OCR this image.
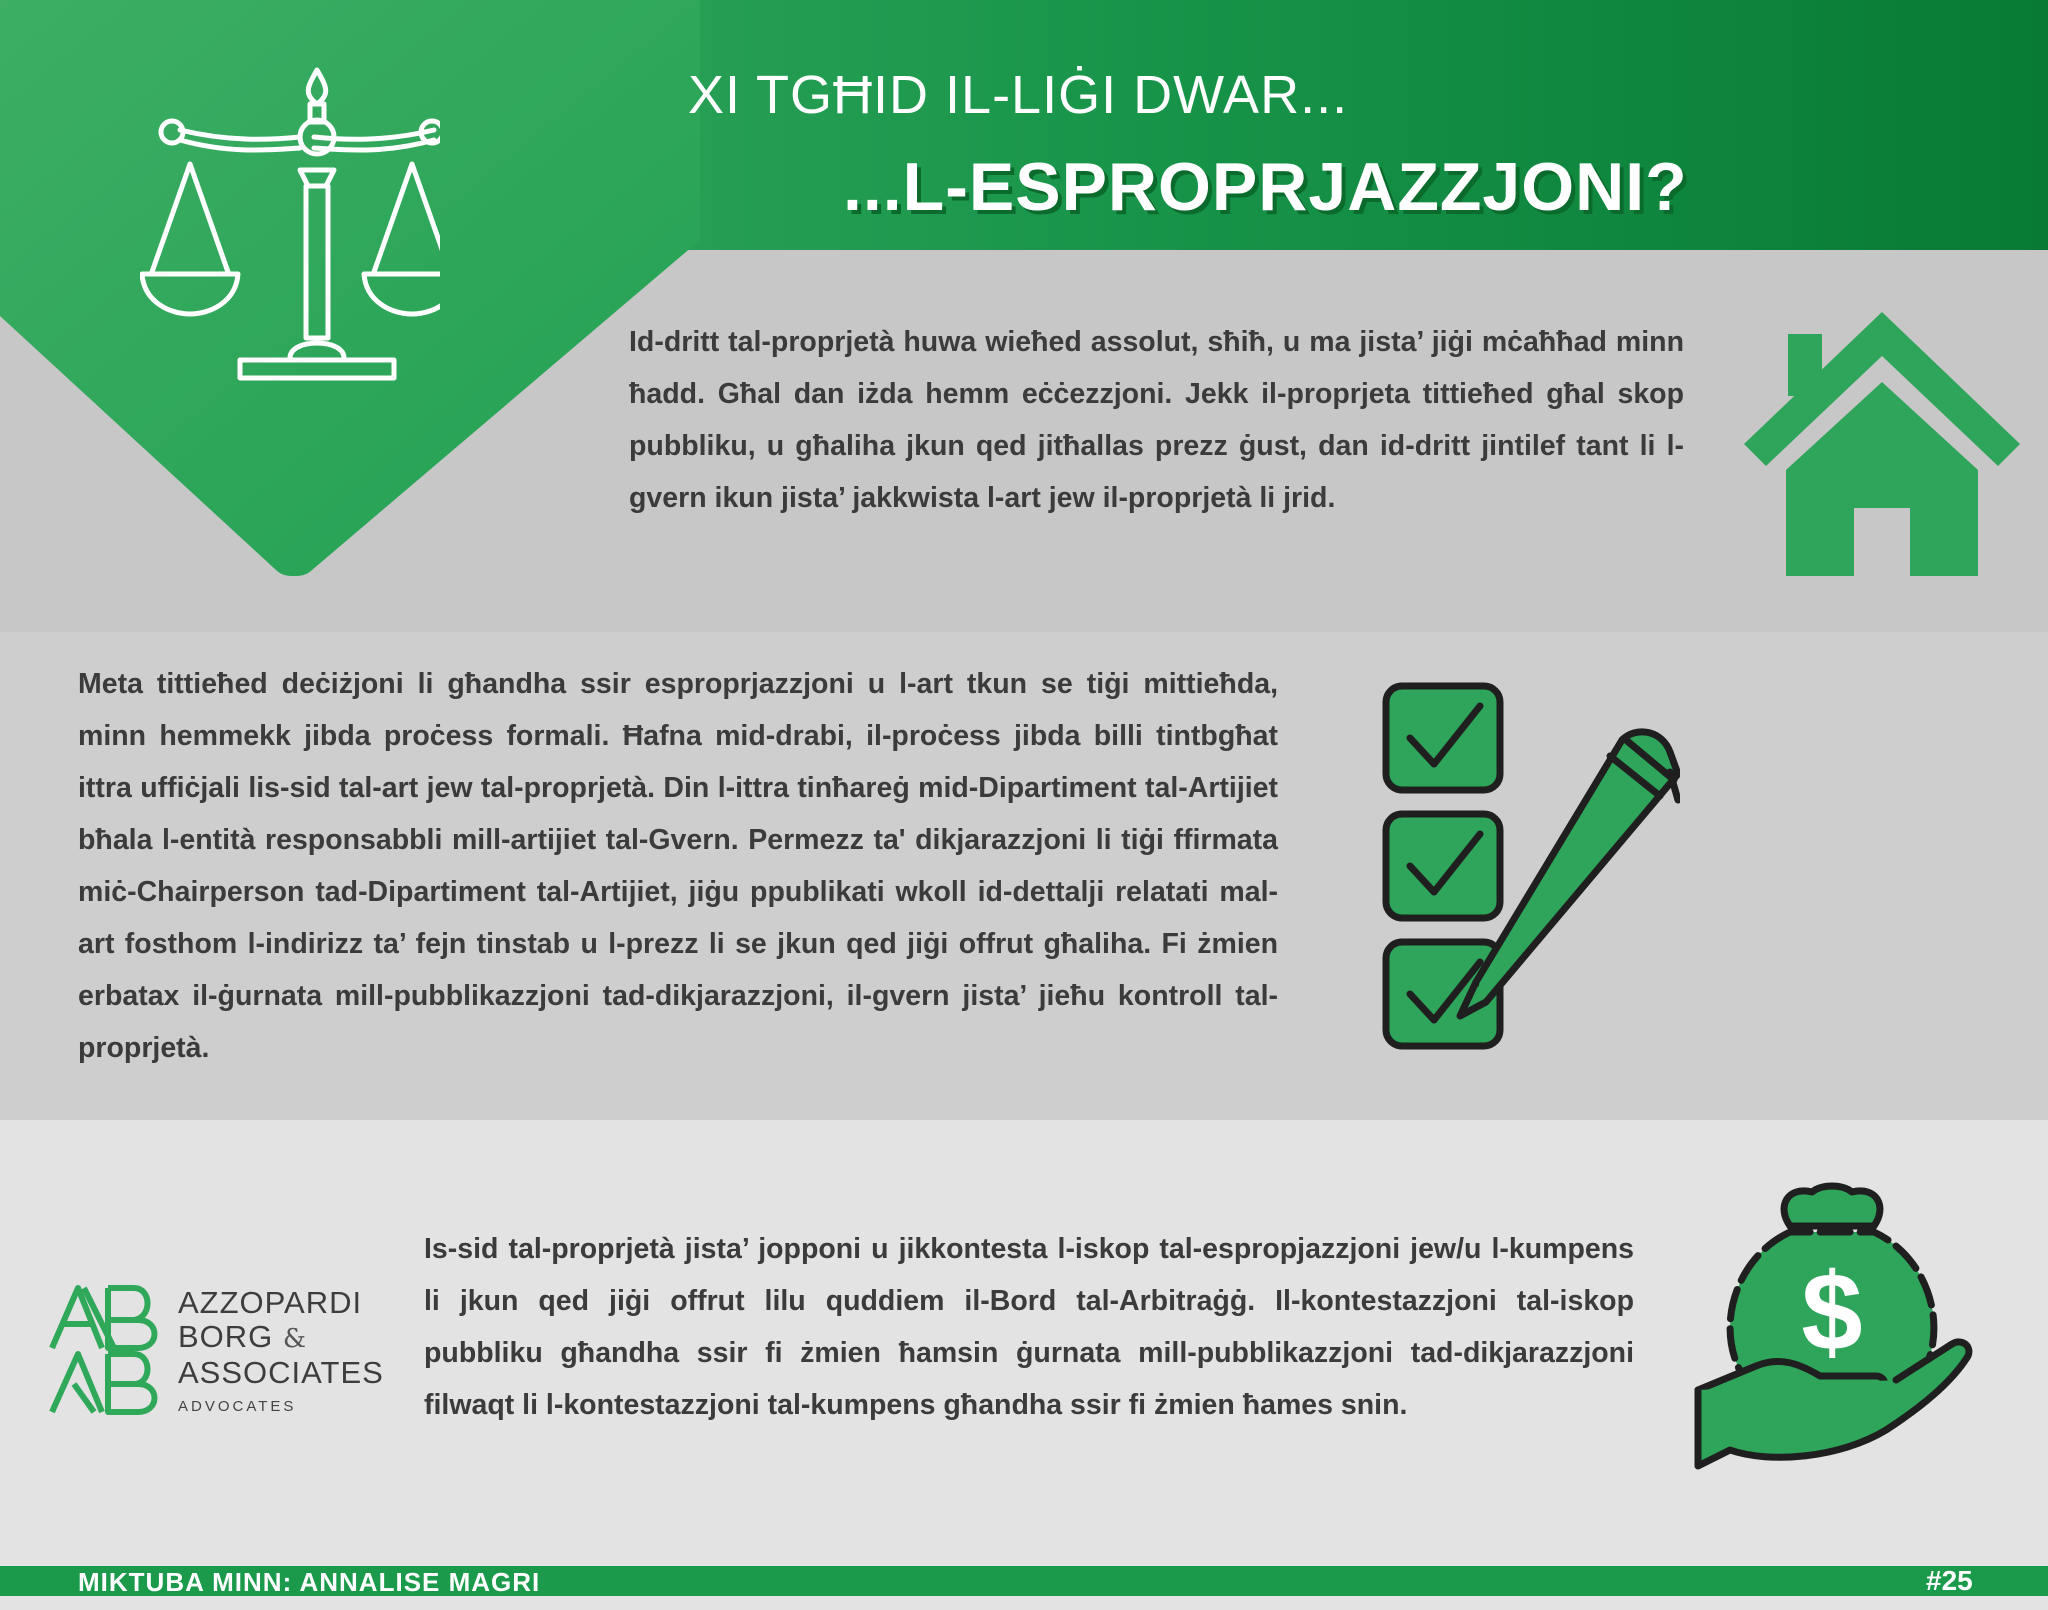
XI TGĦID IL-LIĠI DWAR...
...L-ESPROPRJAZZJONI?
Id-dritt tal-proprjetà huwa wieħed assolut, sħiħ, u ma jista’ jiġi mċaħħad minn ħadd. Għal dan iżda hemm eċċezzjoni. Jekk il-proprjeta tittieħed għal skop pubbliku, u għaliha jkun qed jitħallas prezz ġust, dan id-dritt jintilef tant li l-gvern ikun jista’ jakkwista l-art jew il-proprjetà li jrid.
Meta tittieħed deċiżjoni li għandha ssir esproprjazzjoni u l-art tkun se tiġi mittieħda, minn hemmekk jibda proċess formali. Ħafna mid-drabi, il-proċess jibda billi tintbgħat ittra uffiċjali lis-sid tal-art jew tal-proprjetà. Din l-ittra tinħareġ mid-Dipartiment tal-Artijiet bħala l-entità responsabbli mill-artijiet tal-Gvern. Permezz ta' dikjarazzjoni li tiġi ffirmata miċ-Chairperson tad-Dipartiment tal-Artijiet, jiġu ppublikati wkoll id-dettalji relatati mal-art fosthom l-indirizz ta’ fejn tinstab u l-prezz li se jkun qed jiġi offrut għaliha. Fi żmien erbatax il-ġurnata mill-pubblikazzjoni tad-dikjarazzjoni, il-gvern jista’ jieħu kontroll tal-proprjetà.
AZZOPARDI
BORG &
ASSOCIATES
ADVOCATES
Is-sid tal-proprjetà jista’ jopponi u jikkontesta l-iskop tal-espropjazzjoni jew/u l-kumpens li jkun qed jiġi offrut lilu quddiem il-Bord tal-Arbitraġġ. Il-kontestazzjoni tal-iskop pubbliku għandha ssir fi żmien ħamsin ġurnata mill-pubblikazzjoni tad-dikjarazzjoni filwaqt li l-kontestazzjoni tal-kumpens għandha ssir fi żmien ħames snin.
$
MIKTUBA MINN: ANNALISE MAGRI	#25
